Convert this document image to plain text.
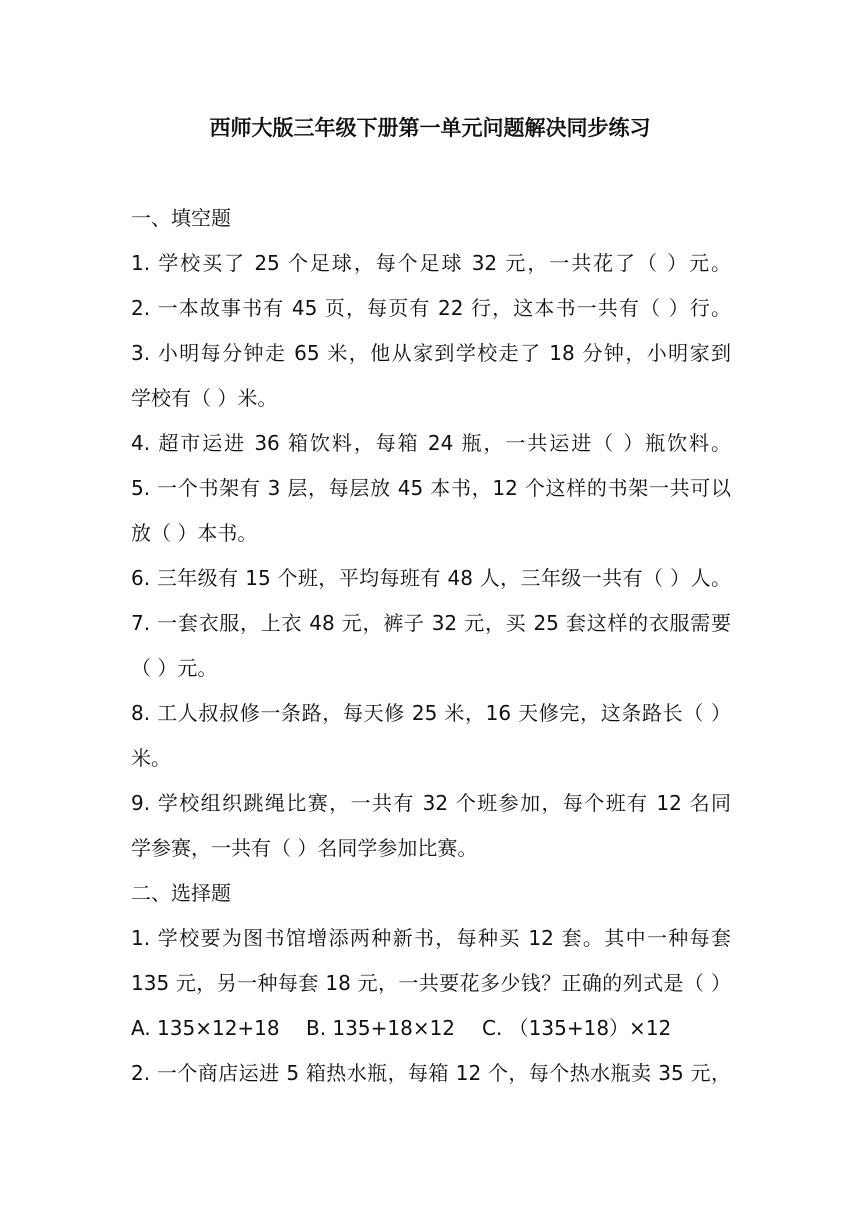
西师大版三年级下册第一单元问题解决同步练习
一、填空题
1. 学校买了 25 个足球，每个足球 32 元，一共花了（ ）元。
2. 一本故事书有 45 页，每页有 22 行，这本书一共有（ ）行。
3. 小明每分钟走 65 米，他从家到学校走了 18 分钟，小明家到
学校有（ ）米。
4. 超市运进 36 箱饮料，每箱 24 瓶，一共运进（ ）瓶饮料。
5. 一个书架有 3 层，每层放 45 本书，12 个这样的书架一共可以
放（ ）本书。
6. 三年级有 15 个班，平均每班有 48 人，三年级一共有（ ）人。
7. 一套衣服，上衣 48 元，裤子 32 元，买 25 套这样的衣服需要
（ ）元。
8. 工人叔叔修一条路，每天修 25 米，16 天修完，这条路长（ ）
米。
9. 学校组织跳绳比赛，一共有 32 个班参加，每个班有 12 名同
学参赛，一共有（ ）名同学参加比赛。
二、选择题
1. 学校要为图书馆增添两种新书，每种买 12 套。其中一种每套
135 元，另一种每套 18 元，一共要花多少钱？正确的列式是（ ）
A. 135×12+18 B. 135+18×12 C. （135+18）×12
2. 一个商店运进 5 箱热水瓶，每箱 12 个，每个热水瓶卖 35 元，
